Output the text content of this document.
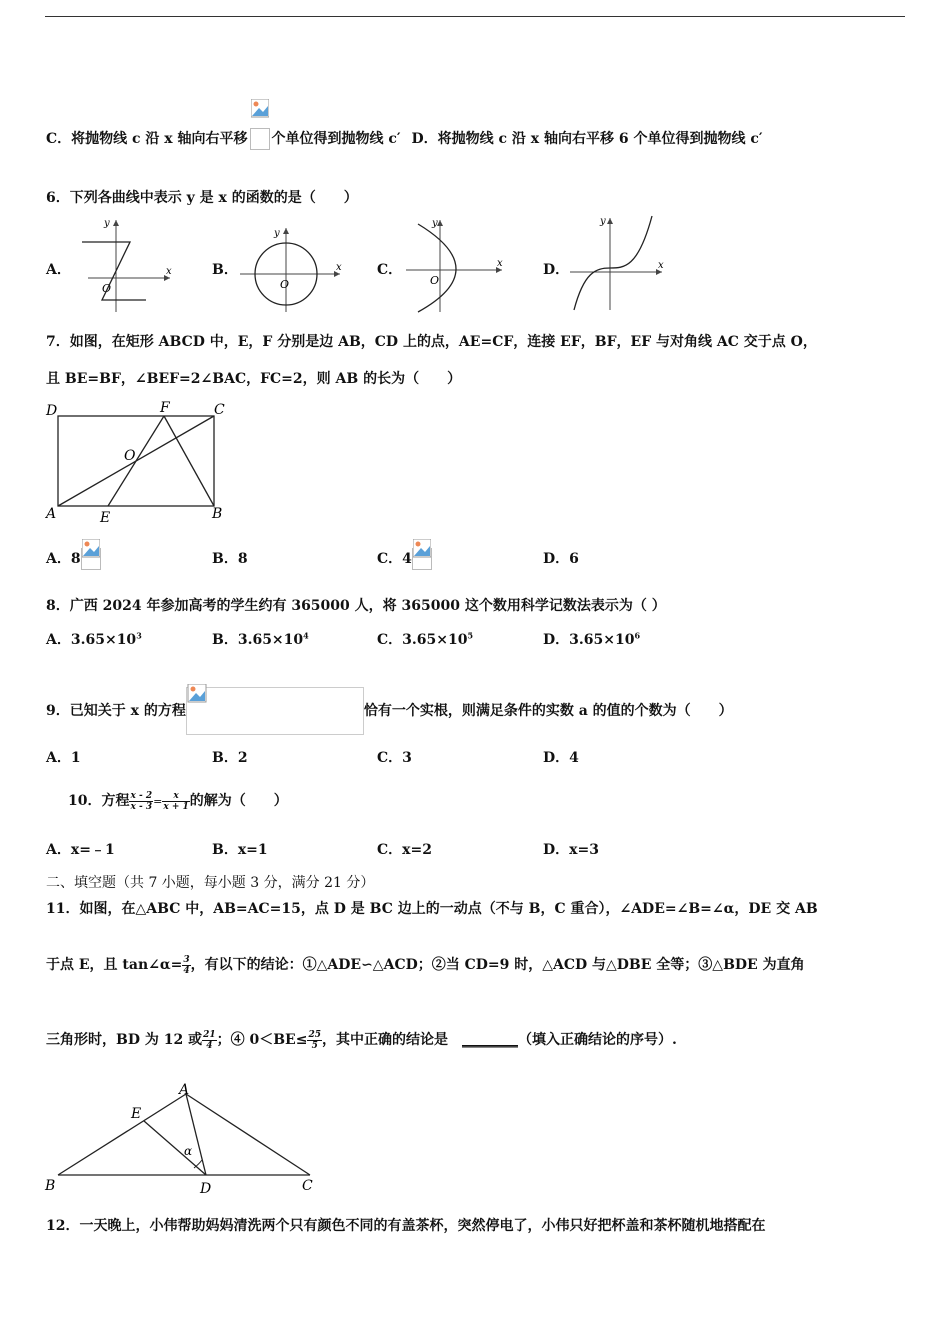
C．将抛物线 c 沿 x 轴向右平移 个单位得到抛物线 c′ D．将抛物线 c 沿 x 轴向右平移 6 个单位得到抛物线 c′
6．下列各曲线中表示 y 是 x 的函数的是（　　）
A．
y
x
O
B．
y
x
O
C．
y
x
O
D．
y
x
7．如图，在矩形 ABCD 中，E，F 分别是边 AB，CD 上的点，AE=CF，连接 EF，BF，EF 与对角线 AC 交于点 O，
且 BE=BF，∠BEF=2∠BAC，FC=2，则 AB 的长为（　　）
D	F	C
O
A	E	B
A．8	B．8	C．4	D．6
8．广西 2024 年参加高考的学生约有 365000 人，将 365000 这个数用科学记数法表示为（ ）
A．$3.65\times 10^3$	B．$3.65\times 10^4$	C．$3.65\times 10^5$	D．$3.65\times 10^6$
9．已知关于 x 的方程	恰有一个实根，则满足条件的实数 a 的值的个数为（　　）
A．1	B．2	C．3	D．4
10．方程 $\frac{x - 2}{x - 3} = \frac{x}{x + 1}$ 的解为（　　）
A．x=﹣1	B．x=1	C．x=2	D．x=3
二、填空题（共 7 小题，每小题 3 分，满分 21 分）
11．如图，在△ABC 中，AB=AC=15，点 D 是 BC 边上的一动点（不与 B，C 重合），∠ADE=∠B=∠α，DE 交 AB
于点 E，且 tan∠α= $\frac{3}{4}$ ，有以下的结论：①△ADE∽△ACD；②当 CD=9 时，△ACD 与△DBE 全等；③△BDE 为直角
三角形时，BD 为 12 或 $\frac{21}{4}$ ；④ $0<BE\le \frac{25}{5}$ ，其中正确的结论是　________（填入正确结论的序号）.
A
E
α
B	D	C
12．一天晚上，小伟帮助妈妈清洗两个只有颜色不同的有盖茶杯，突然停电了，小伟只好把杯盖和茶杯随机地搭配在
